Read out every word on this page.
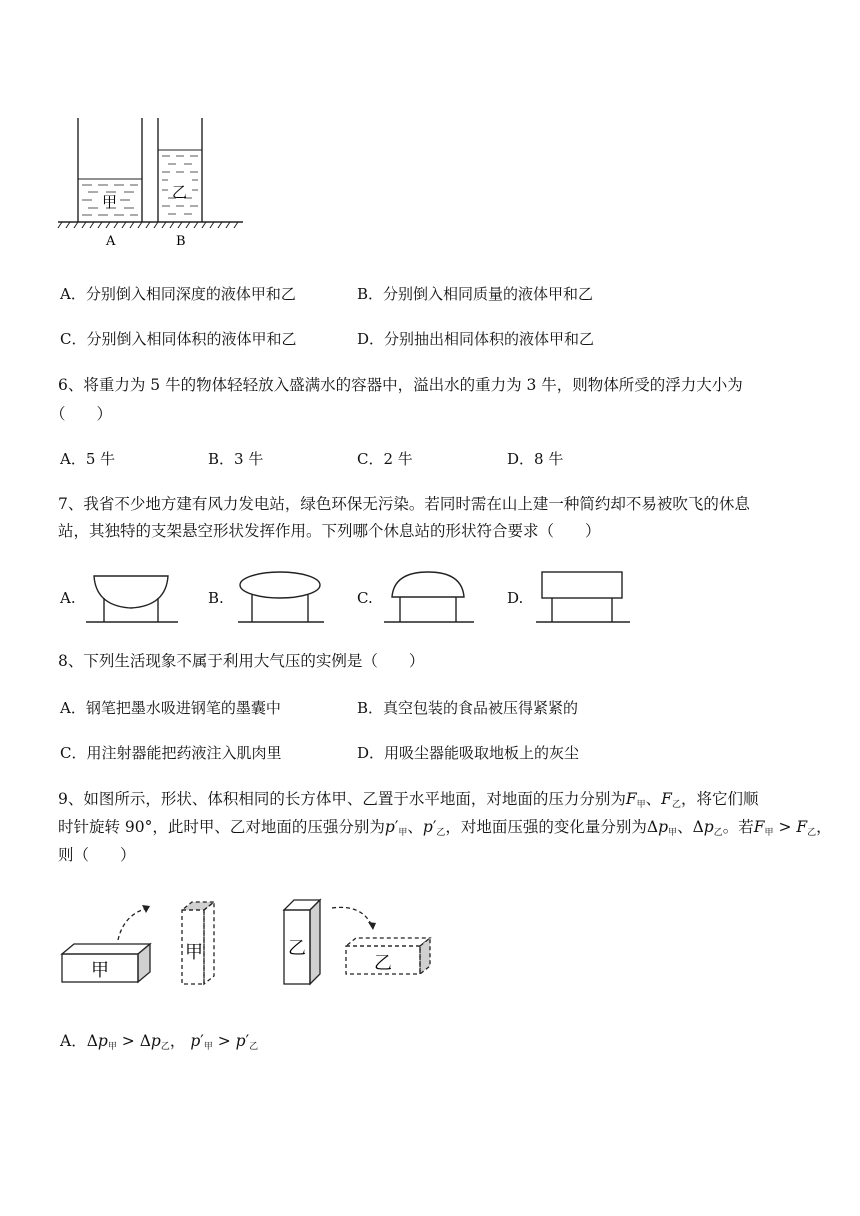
甲
乙
A	B
A．分别倒入相同深度的液体甲和乙	B．分别倒入相同质量的液体甲和乙
C．分别倒入相同体积的液体甲和乙	D．分别抽出相同体积的液体甲和乙
6、将重力为 5 牛的物体轻轻放入盛满水的容器中，溢出水的重力为 3 牛，则物体所受的浮力大小为
（　　）
A．5 牛	B．3 牛	C．2 牛	D．8 牛
7、我省不少地方建有风力发电站，绿色环保无污染。若同时需在山上建一种简约却不易被吹飞的休息
站，其独特的支架悬空形状发挥作用。下列哪个休息站的形状符合要求（　　）
A.	B.	C.	D.
8、下列生活现象不属于利用大气压的实例是（　　）
A．钢笔把墨水吸进钢笔的墨囊中	B．真空包装的食品被压得紧紧的
C．用注射器能把药液注入肌肉里	D．用吸尘器能吸取地板上的灰尘
9、如图所示，形状、体积相同的长方体甲、乙置于水平地面，对地面的压力分别为$F_甲$、$F_乙$，将它们顺
时针旋转 90°，此时甲、乙对地面的压强分别为$p'_甲$、$p'_乙$，对地面压强的变化量分别为$\Delta p_甲$、$\Delta p_乙$。若$F_甲 > F_乙$，
则（　　）
甲
甲	乙
乙
A．$\Delta p_甲 > \Delta p_乙$， $p'_甲 > p'_乙$
